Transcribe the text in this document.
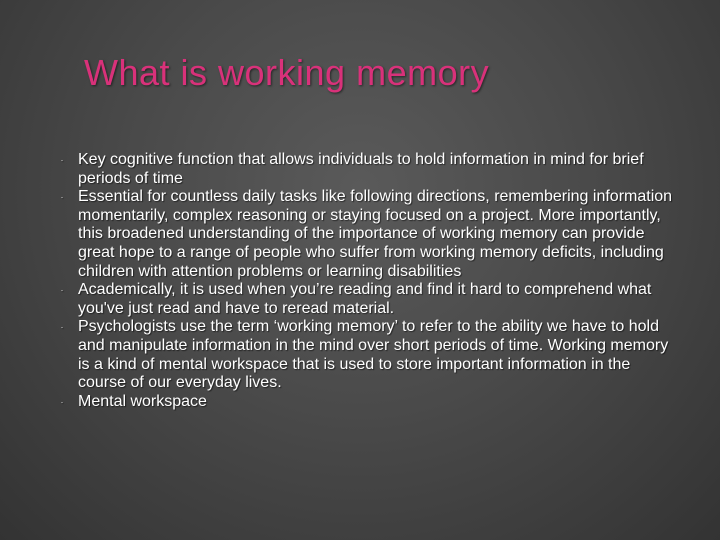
What is working memory
· Key cognitive function that allows individuals to hold information in mind for brief periods of time
· Essential for countless daily tasks like following directions, remembering information momentarily, complex reasoning or staying focused on a project. More importantly, this broadened understanding of the importance of working memory can provide great hope to a range of people who suffer from working memory deficits, including children with attention problems or learning disabilities
· Academically, it is used when you’re reading and find it hard to comprehend what you've just read and have to reread material.
· Psychologists use the term ‘working memory’ to refer to the ability we have to hold and manipulate information in the mind over short periods of time. Working memory is a kind of mental workspace that is used to store important information in the course of our everyday lives.
· Mental workspace
